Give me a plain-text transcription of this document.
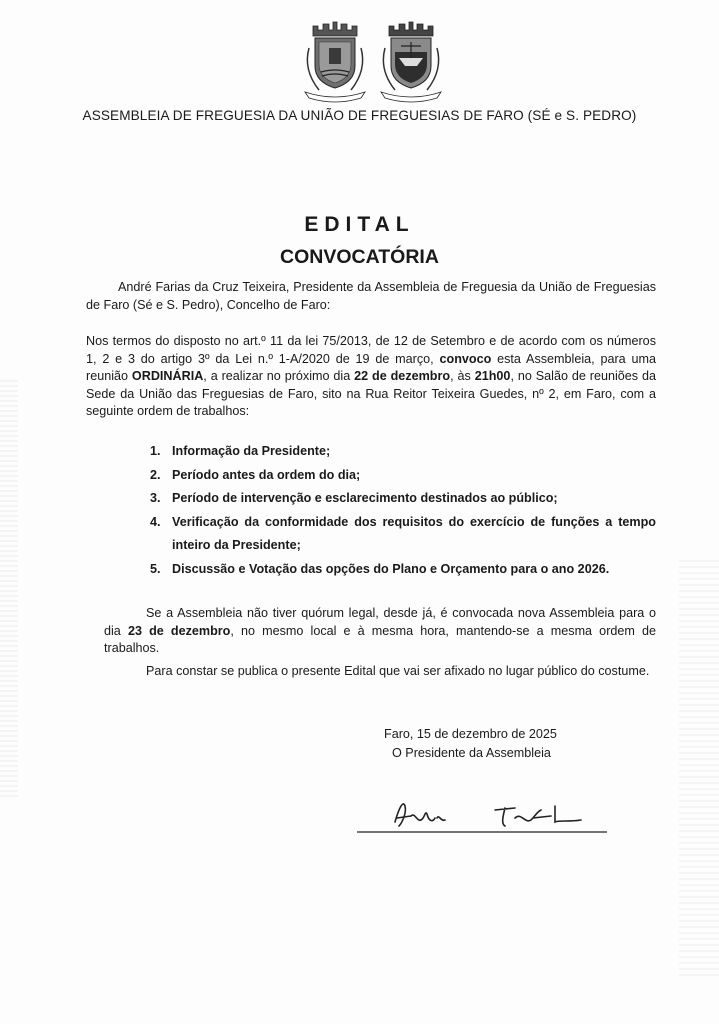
ASSEMBLEIA DE FREGUESIA DA UNIÃO DE FREGUESIAS DE FARO (SÉ e S. PEDRO)
EDITAL
CONVOCATÓRIA
André Farias da Cruz Teixeira, Presidente da Assembleia de Freguesia da União de Freguesias de Faro (Sé e S. Pedro), Concelho de Faro:
Nos termos do disposto no art.º 11 da lei 75/2013, de 12 de Setembro e de acordo com os números 1, 2 e 3 do artigo 3º da Lei n.º 1-A/2020 de 19 de março, convoco esta Assembleia, para uma reunião ORDINÁRIA, a realizar no próximo dia 22 de dezembro, às 21h00, no Salão de reuniões da Sede da União das Freguesias de Faro, sito na Rua Reitor Teixeira Guedes, nº 2, em Faro, com a seguinte ordem de trabalhos:
1. Informação da Presidente;
2. Período antes da ordem do dia;
3. Período de intervenção e esclarecimento destinados ao público;
4. Verificação da conformidade dos requisitos do exercício de funções a tempo inteiro da Presidente;
5. Discussão e Votação das opções do Plano e Orçamento para o ano 2026.
Se a Assembleia não tiver quórum legal, desde já, é convocada nova Assembleia para o dia 23 de dezembro, no mesmo local e à mesma hora, mantendo-se a mesma ordem de trabalhos.
Para constar se publica o presente Edital que vai ser afixado no lugar público do costume.
Faro, 15 de dezembro de 2025
O Presidente da Assembleia
